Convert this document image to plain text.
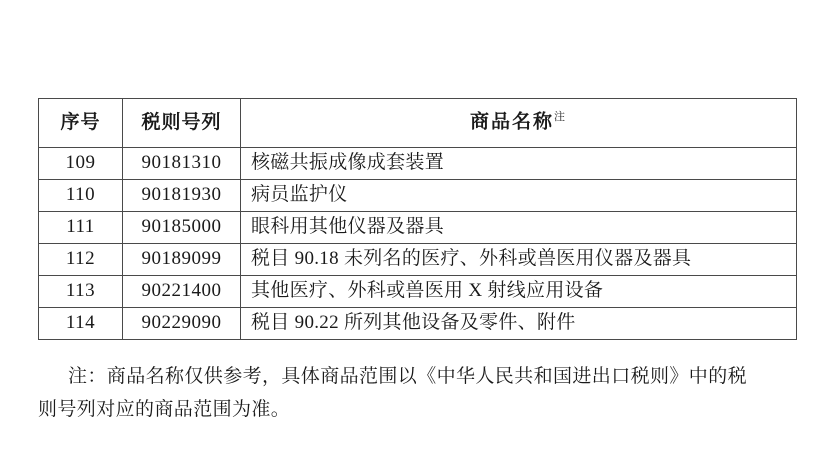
序号	税则号列	商品名称$^注$
109	90181310	核磁共振成像成套装置
110	90181930	病员监护仪
111	90185000	眼科用其他仪器及器具
112	90189099	税目 90.18 未列名的医疗、外科或兽医用仪器及器具
113	90221400	其他医疗、外科或兽医用 X 射线应用设备
114	90229090	税目 90.22 所列其他设备及零件、附件
注：商品名称仅供参考，具体商品范围以《中华人民共和国进出口税则》中的税
则号列对应的商品范围为准。
